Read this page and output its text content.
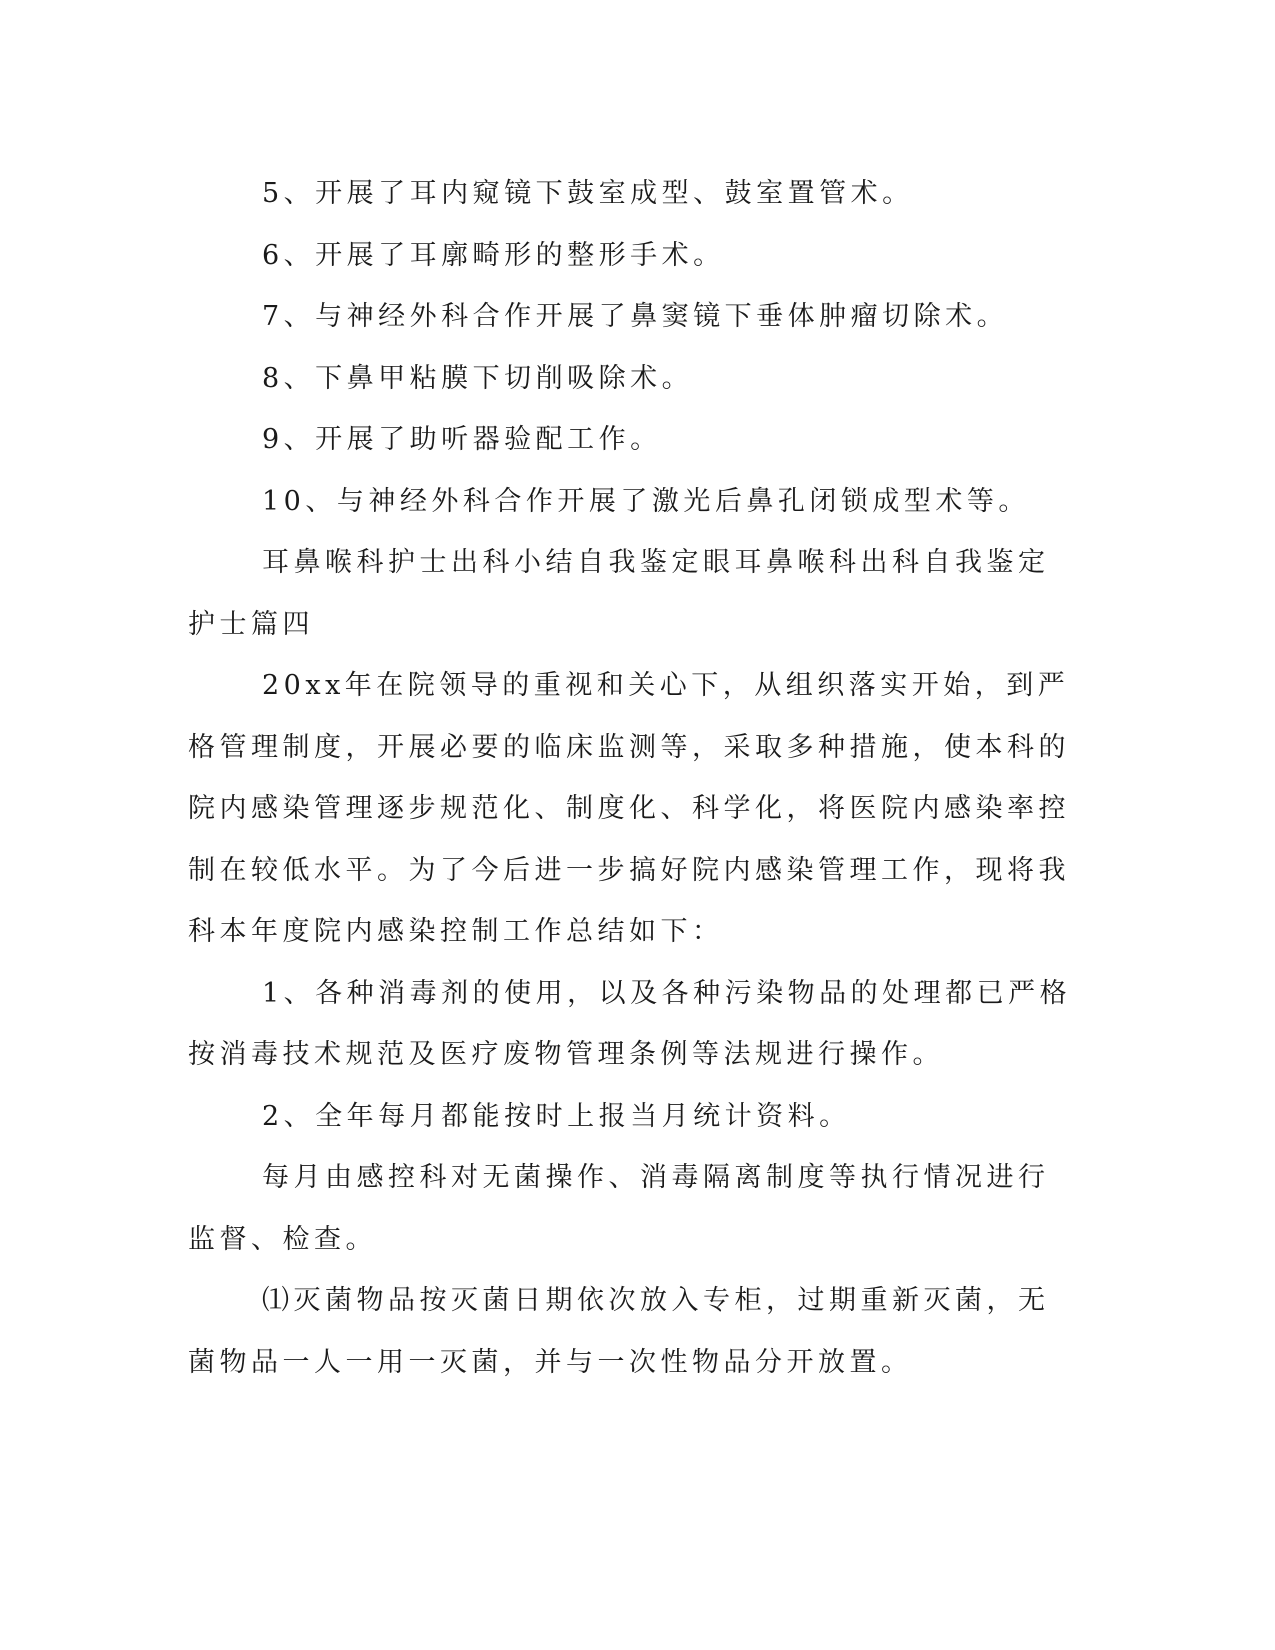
5、开展了耳内窥镜下鼓室成型、鼓室置管术。

6、开展了耳廓畸形的整形手术。

7、与神经外科合作开展了鼻窦镜下垂体肿瘤切除术。

8、下鼻甲粘膜下切削吸除术。

9、开展了助听器验配工作。

10、与神经外科合作开展了激光后鼻孔闭锁成型术等。

耳鼻喉科护士出科小结自我鉴定眼耳鼻喉科出科自我鉴定护士篇四

20xx年在院领导的重视和关心下，从组织落实开始，到严格管理制度，开展必要的临床监测等，采取多种措施，使本科的院内感染管理逐步规范化、制度化、科学化，将医院内感染率控制在较低水平。为了今后进一步搞好院内感染管理工作，现将我科本年度院内感染控制工作总结如下：

1、各种消毒剂的使用，以及各种污染物品的处理都已严格按消毒技术规范及医疗废物管理条例等法规进行操作。

2、全年每月都能按时上报当月统计资料。

每月由感控科对无菌操作、消毒隔离制度等执行情况进行监督、检查。

⑴灭菌物品按灭菌日期依次放入专柜，过期重新灭菌，无菌物品一人一用一灭菌，并与一次性物品分开放置。
